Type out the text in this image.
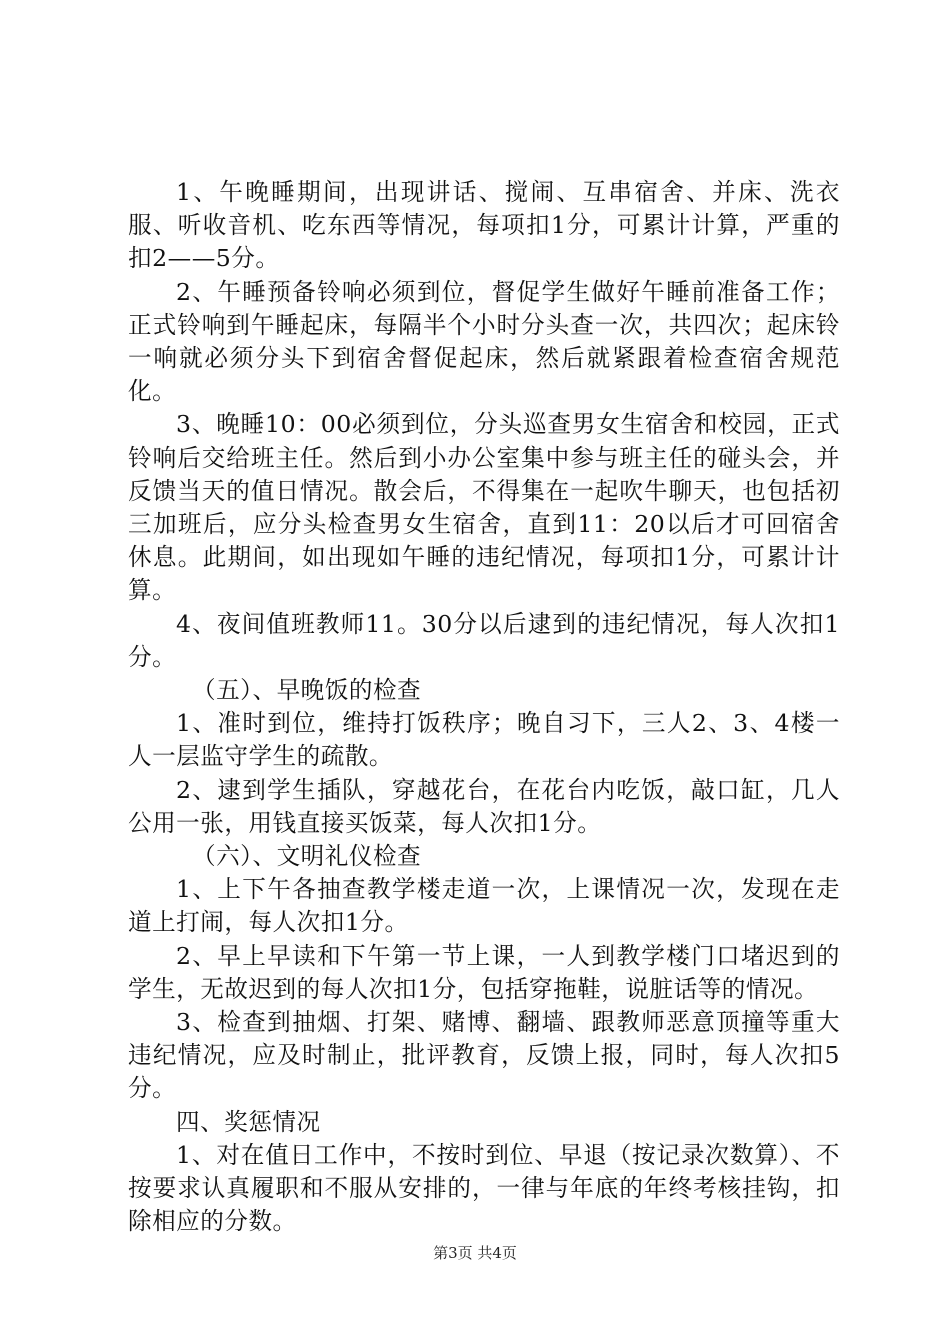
1、午晚睡期间，出现讲话、搅闹、互串宿舍、并床、洗衣服、听收音机、吃东西等情况，每项扣1分，可累计计算，严重的扣2——5分。

2、午睡预备铃响必须到位，督促学生做好午睡前准备工作；正式铃响到午睡起床，每隔半个小时分头查一次，共四次；起床铃一响就必须分头下到宿舍督促起床，然后就紧跟着检查宿舍规范化。

3、晚睡10：00必须到位，分头巡查男女生宿舍和校园，正式铃响后交给班主任。然后到小办公室集中参与班主任的碰头会，并反馈当天的值日情况。散会后，不得集在一起吹牛聊天，也包括初三加班后，应分头检查男女生宿舍，直到11：20以后才可回宿舍休息。此期间，如出现如午睡的违纪情况，每项扣1分，可累计计算。

4、夜间值班教师11。30分以后逮到的违纪情况，每人次扣1分。

（五）、早晚饭的检查

1、准时到位，维持打饭秩序；晚自习下，三人2、3、4楼一人一层监守学生的疏散。

2、逮到学生插队，穿越花台，在花台内吃饭，敲口缸，几人公用一张，用钱直接买饭菜，每人次扣1分。

（六）、文明礼仪检查

1、上下午各抽查教学楼走道一次，上课情况一次，发现在走道上打闹，每人次扣1分。

2、早上早读和下午第一节上课，一人到教学楼门口堵迟到的学生，无故迟到的每人次扣1分，包括穿拖鞋，说脏话等的情况。

3、检查到抽烟、打架、赌博、翻墙、跟教师恶意顶撞等重大违纪情况，应及时制止，批评教育，反馈上报，同时，每人次扣5分。

四、奖惩情况

1、对在值日工作中，不按时到位、早退（按记录次数算）、不按要求认真履职和不服从安排的，一律与年底的年终考核挂钩，扣除相应的分数。

第3页 共4页
